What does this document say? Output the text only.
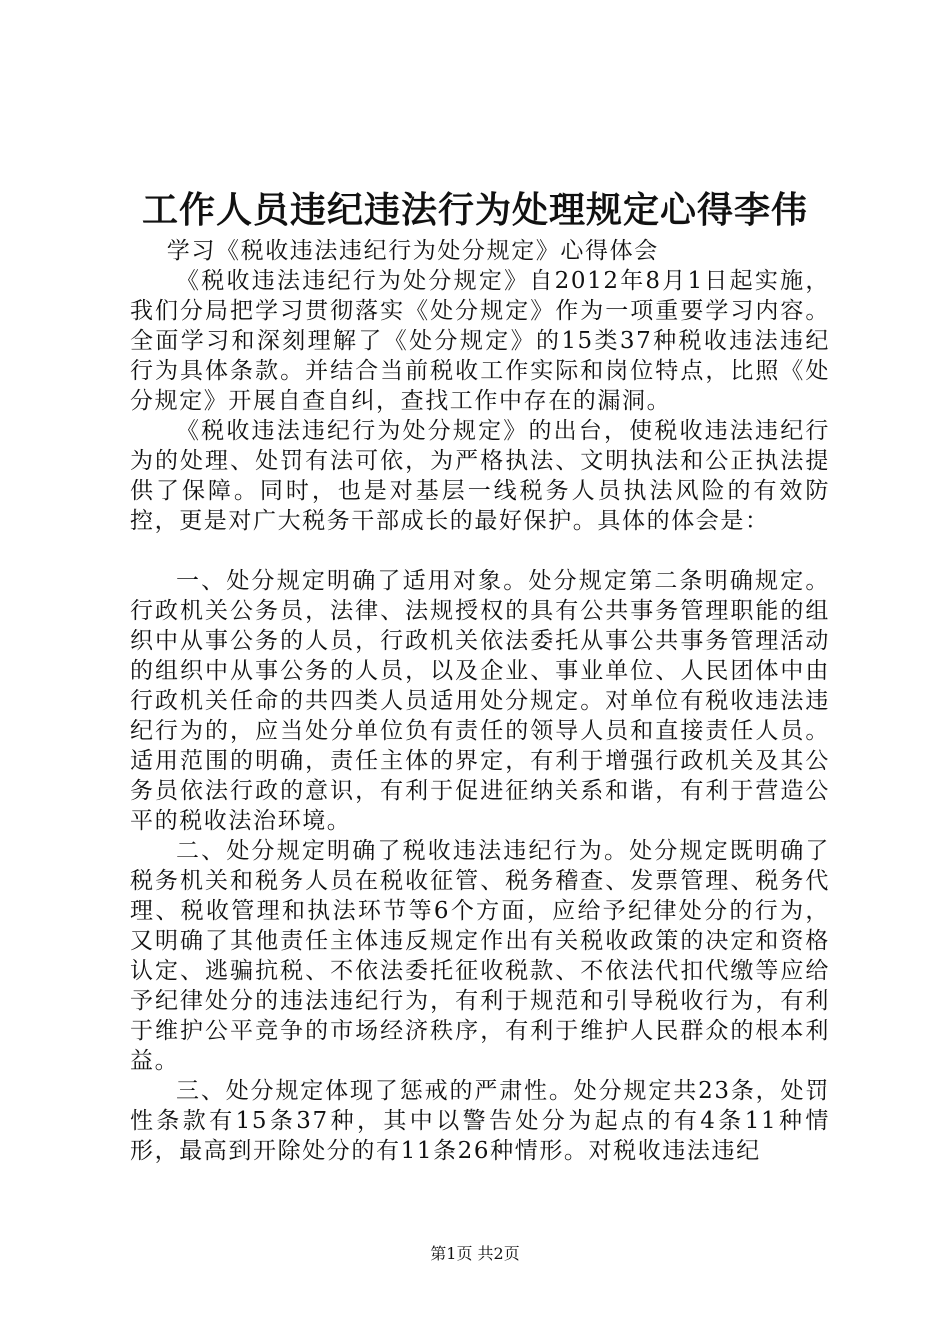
工作人员违纪违法行为处理规定心得李伟

学习《税收违法违纪行为处分规定》心得体会

《税收违法违纪行为处分规定》自2012年8月1日起实施，我们分局把学习贯彻落实《处分规定》作为一项重要学习内容。全面学习和深刻理解了《处分规定》的15类37种税收违法违纪行为具体条款。并结合当前税收工作实际和岗位特点，比照《处分规定》开展自查自纠，查找工作中存在的漏洞。

《税收违法违纪行为处分规定》的出台，使税收违法违纪行为的处理、处罚有法可依，为严格执法、文明执法和公正执法提供了保障。同时，也是对基层一线税务人员执法风险的有效防控，更是对广大税务干部成长的最好保护。具体的体会是：

一、处分规定明确了适用对象。处分规定第二条明确规定。行政机关公务员，法律、法规授权的具有公共事务管理职能的组织中从事公务的人员，行政机关依法委托从事公共事务管理活动的组织中从事公务的人员，以及企业、事业单位、人民团体中由行政机关任命的共四类人员适用处分规定。对单位有税收违法违纪行为的，应当处分单位负有责任的领导人员和直接责任人员。适用范围的明确，责任主体的界定，有利于增强行政机关及其公务员依法行政的意识，有利于促进征纳关系和谐，有利于营造公平的税收法治环境。

二、处分规定明确了税收违法违纪行为。处分规定既明确了税务机关和税务人员在税收征管、税务稽查、发票管理、税务代理、税收管理和执法环节等6个方面，应给予纪律处分的行为，又明确了其他责任主体违反规定作出有关税收政策的决定和资格认定、逃骗抗税、不依法委托征收税款、不依法代扣代缴等应给予纪律处分的违法违纪行为，有利于规范和引导税收行为，有利于维护公平竞争的市场经济秩序，有利于维护人民群众的根本利益。

三、处分规定体现了惩戒的严肃性。处分规定共23条，处罚性条款有15条37种，其中以警告处分为起点的有4条11种情形，最高到开除处分的有11条26种情形。对税收违法违纪

第1页 共2页
